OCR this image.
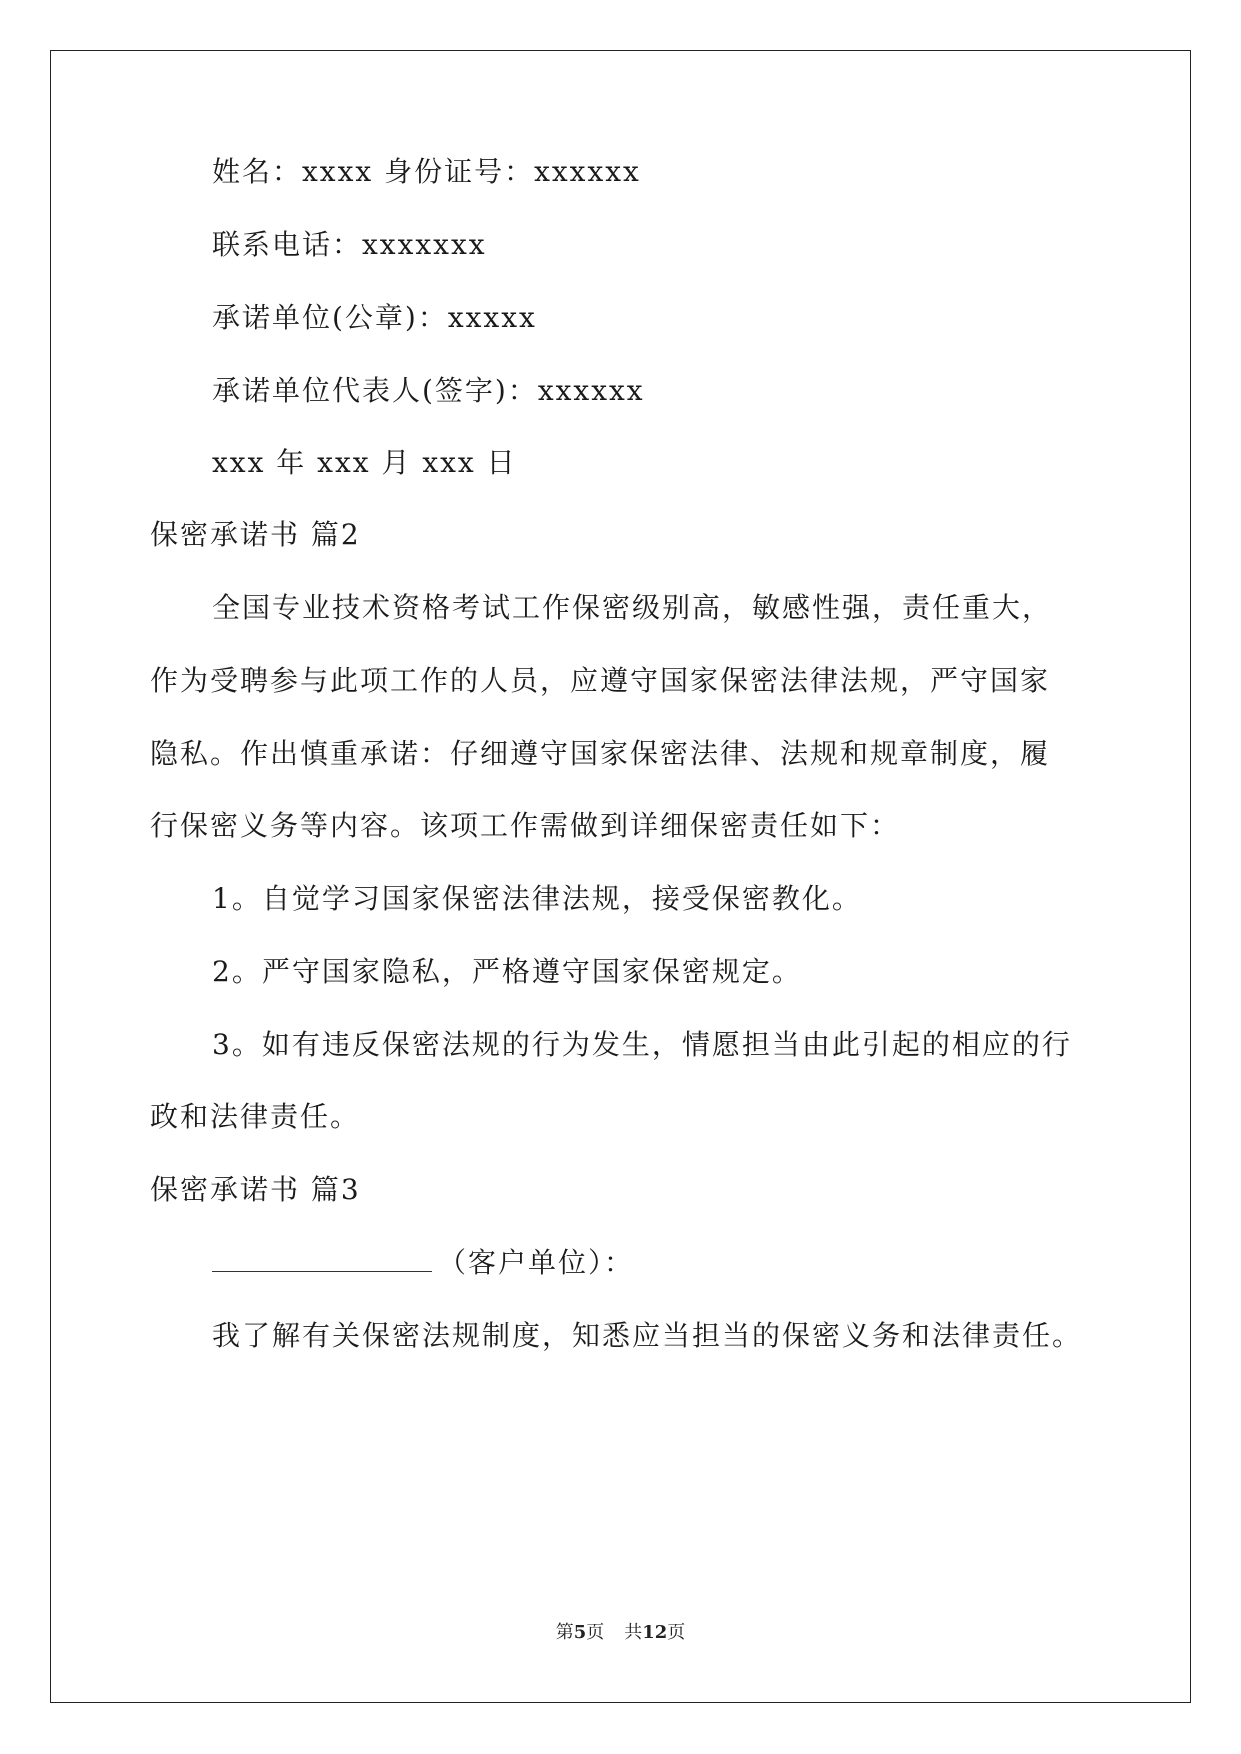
姓名：xxxx 身份证号：xxxxxx
联系电话：xxxxxxx
承诺单位(公章)：xxxxx
承诺单位代表人(签字)：xxxxxx
xxx 年 xxx 月 xxx 日
保密承诺书 篇2
全国专业技术资格考试工作保密级别高，敏感性强，责任重大，
作为受聘参与此项工作的人员，应遵守国家保密法律法规，严守国家
隐私。作出慎重承诺：仔细遵守国家保密法律、法规和规章制度，履
行保密义务等内容。该项工作需做到详细保密责任如下：
1。自觉学习国家保密法律法规，接受保密教化。
2。严守国家隐私，严格遵守国家保密规定。
3。如有违反保密法规的行为发生，情愿担当由此引起的相应的行
政和法律责任。
保密承诺书 篇3
（客户单位）：
我了解有关保密法规制度，知悉应当担当的保密义务和法律责任。
第5页 共12页
